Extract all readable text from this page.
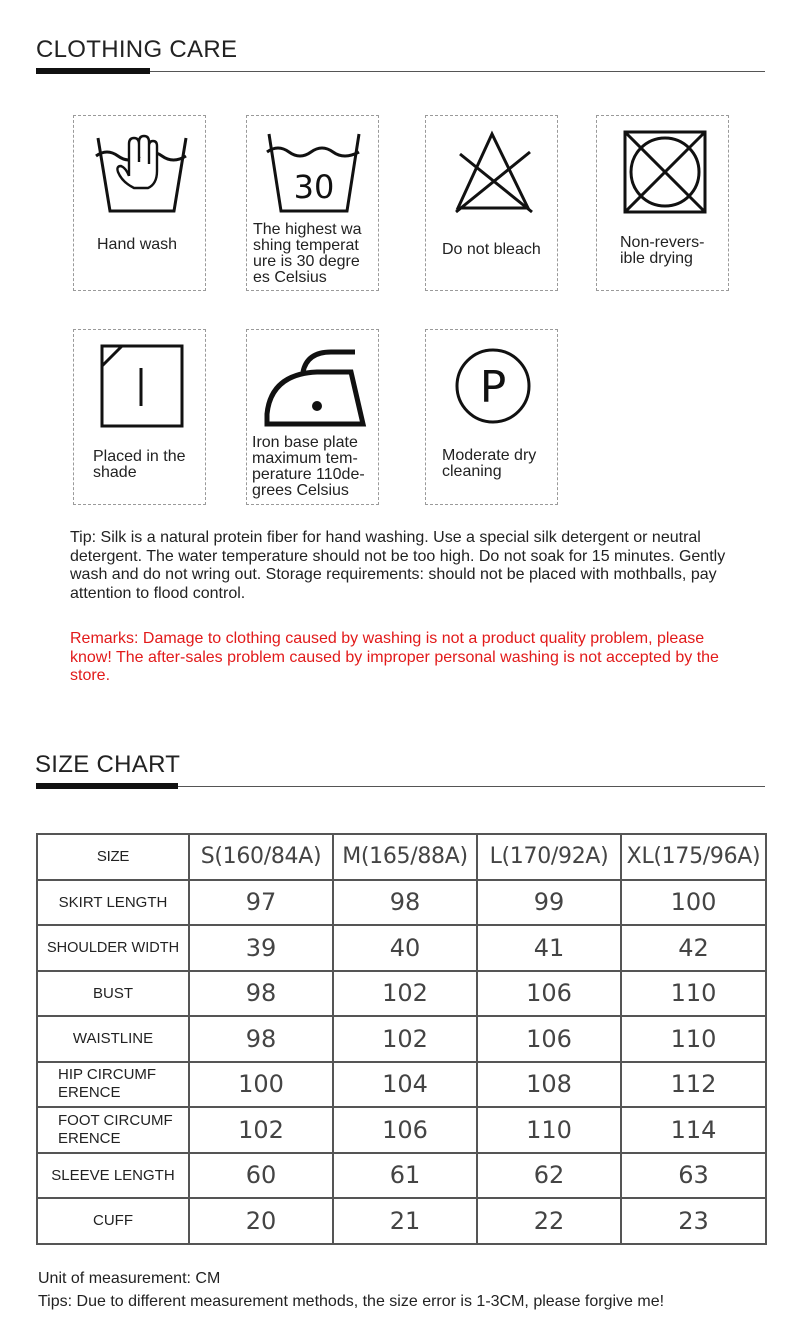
CLOTHING CARE
Hand wash
30
The highest wa shing temperat ure is 30 degre es Celsius
Do not bleach	Non-revers- ible drying
Placed in the shade
Iron base plate maximum tem- perature 110de- grees Celsius
P
Moderate dry cleaning
Tip: Silk is a natural protein fiber for hand washing. Use a special silk detergent or neutral detergent. The water temperature should not be too high. Do not soak for 15 minutes. Gently wash and do not wring out. Storage requirements: should not be placed with mothballs, pay attention to flood control.
Remarks: Damage to clothing caused by washing is not a product quality problem, please know! The after-sales problem caused by improper personal washing is not accepted by the store.
SIZE CHART
SIZE	S(160/84A)	M(165/88A)	L(170/92A)	XL(175/96A)
SKIRT LENGTH	97	98	99	100
SHOULDER WIDTH	39	40	41	42
BUST	98	102	106	110
WAISTLINE	98	102	106	110
HIP CIRCUMF ERENCE	100	104	108	112
FOOT CIRCUMF ERENCE	102	106	110	114
SLEEVE LENGTH	60	61	62	63
CUFF	20	21	22	23
Unit of measurement: CM
Tips: Due to different measurement methods, the size error is 1-3CM, please forgive me!
